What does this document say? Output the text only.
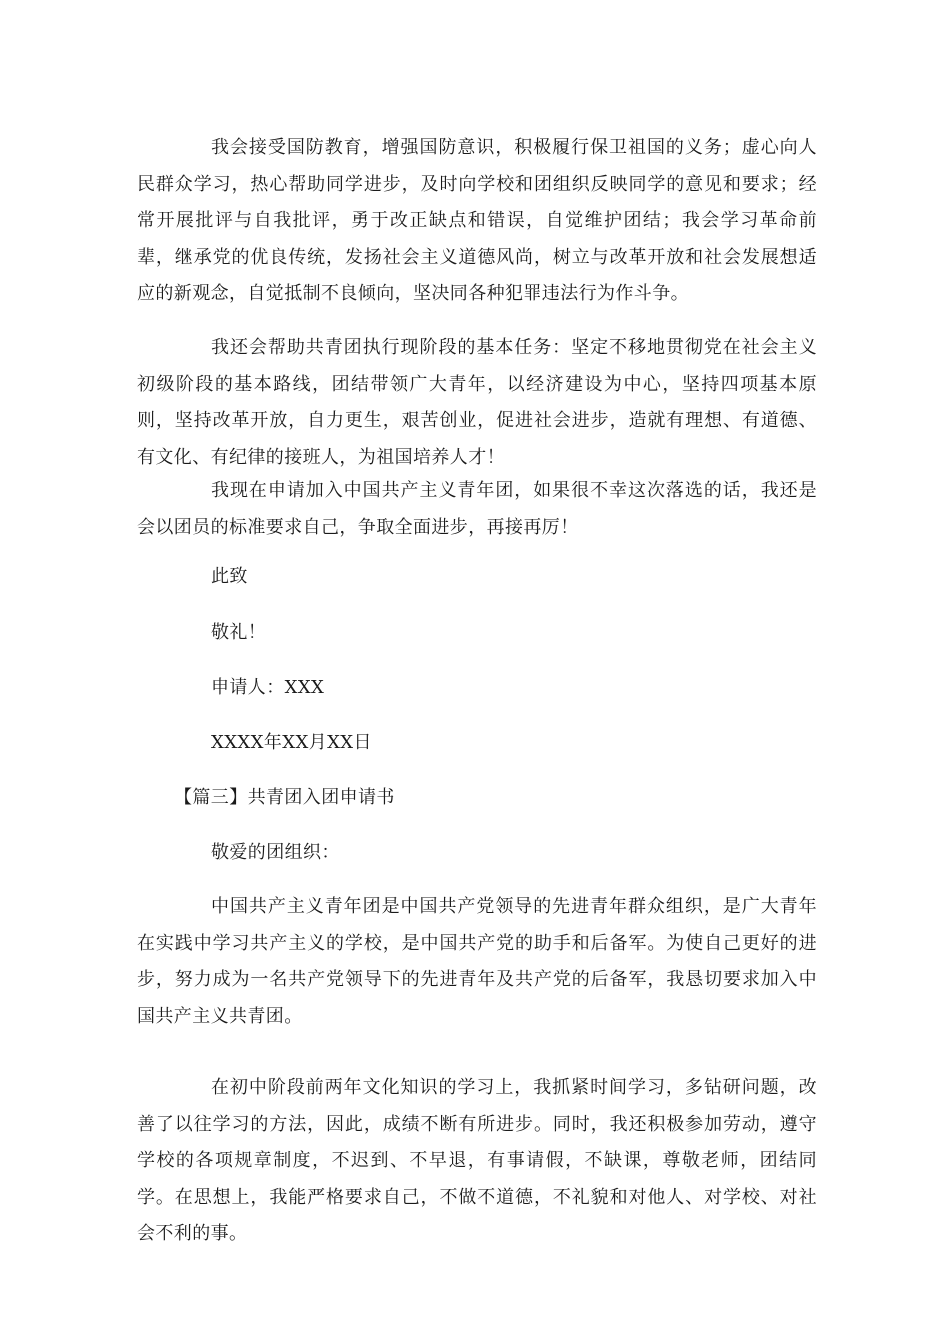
我会接受国防教育，增强国防意识，积极履行保卫祖国的义务；虚心向人民群众学习，热心帮助同学进步，及时向学校和团组织反映同学的意见和要求；经常开展批评与自我批评，勇于改正缺点和错误，自觉维护团结；我会学习革命前辈，继承党的优良传统，发扬社会主义道德风尚，树立与改革开放和社会发展想适应的新观念，自觉抵制不良倾向，坚决同各种犯罪违法行为作斗争。

我还会帮助共青团执行现阶段的基本任务：坚定不移地贯彻党在社会主义初级阶段的基本路线，团结带领广大青年，以经济建设为中心，坚持四项基本原则，坚持改革开放，自力更生，艰苦创业，促进社会进步，造就有理想、有道德、有文化、有纪律的接班人，为祖国培养人才！

我现在申请加入中国共产主义青年团，如果很不幸这次落选的话，我还是会以团员的标准要求自己，争取全面进步，再接再厉！

此致

敬礼！

申请人：XXX

XXXX年XX月XX日

【篇三】共青团入团申请书

敬爱的团组织：

中国共产主义青年团是中国共产党领导的先进青年群众组织，是广大青年在实践中学习共产主义的学校，是中国共产党的助手和后备军。为使自己更好的进步，努力成为一名共产党领导下的先进青年及共产党的后备军，我恳切要求加入中国共产主义共青团。

在初中阶段前两年文化知识的学习上，我抓紧时间学习，多钻研问题，改善了以往学习的方法，因此，成绩不断有所进步。同时，我还积极参加劳动，遵守学校的各项规章制度，不迟到、不早退，有事请假，不缺课，尊敬老师，团结同学。在思想上，我能严格要求自己，不做不道德，不礼貌和对他人、对学校、对社会不利的事。
